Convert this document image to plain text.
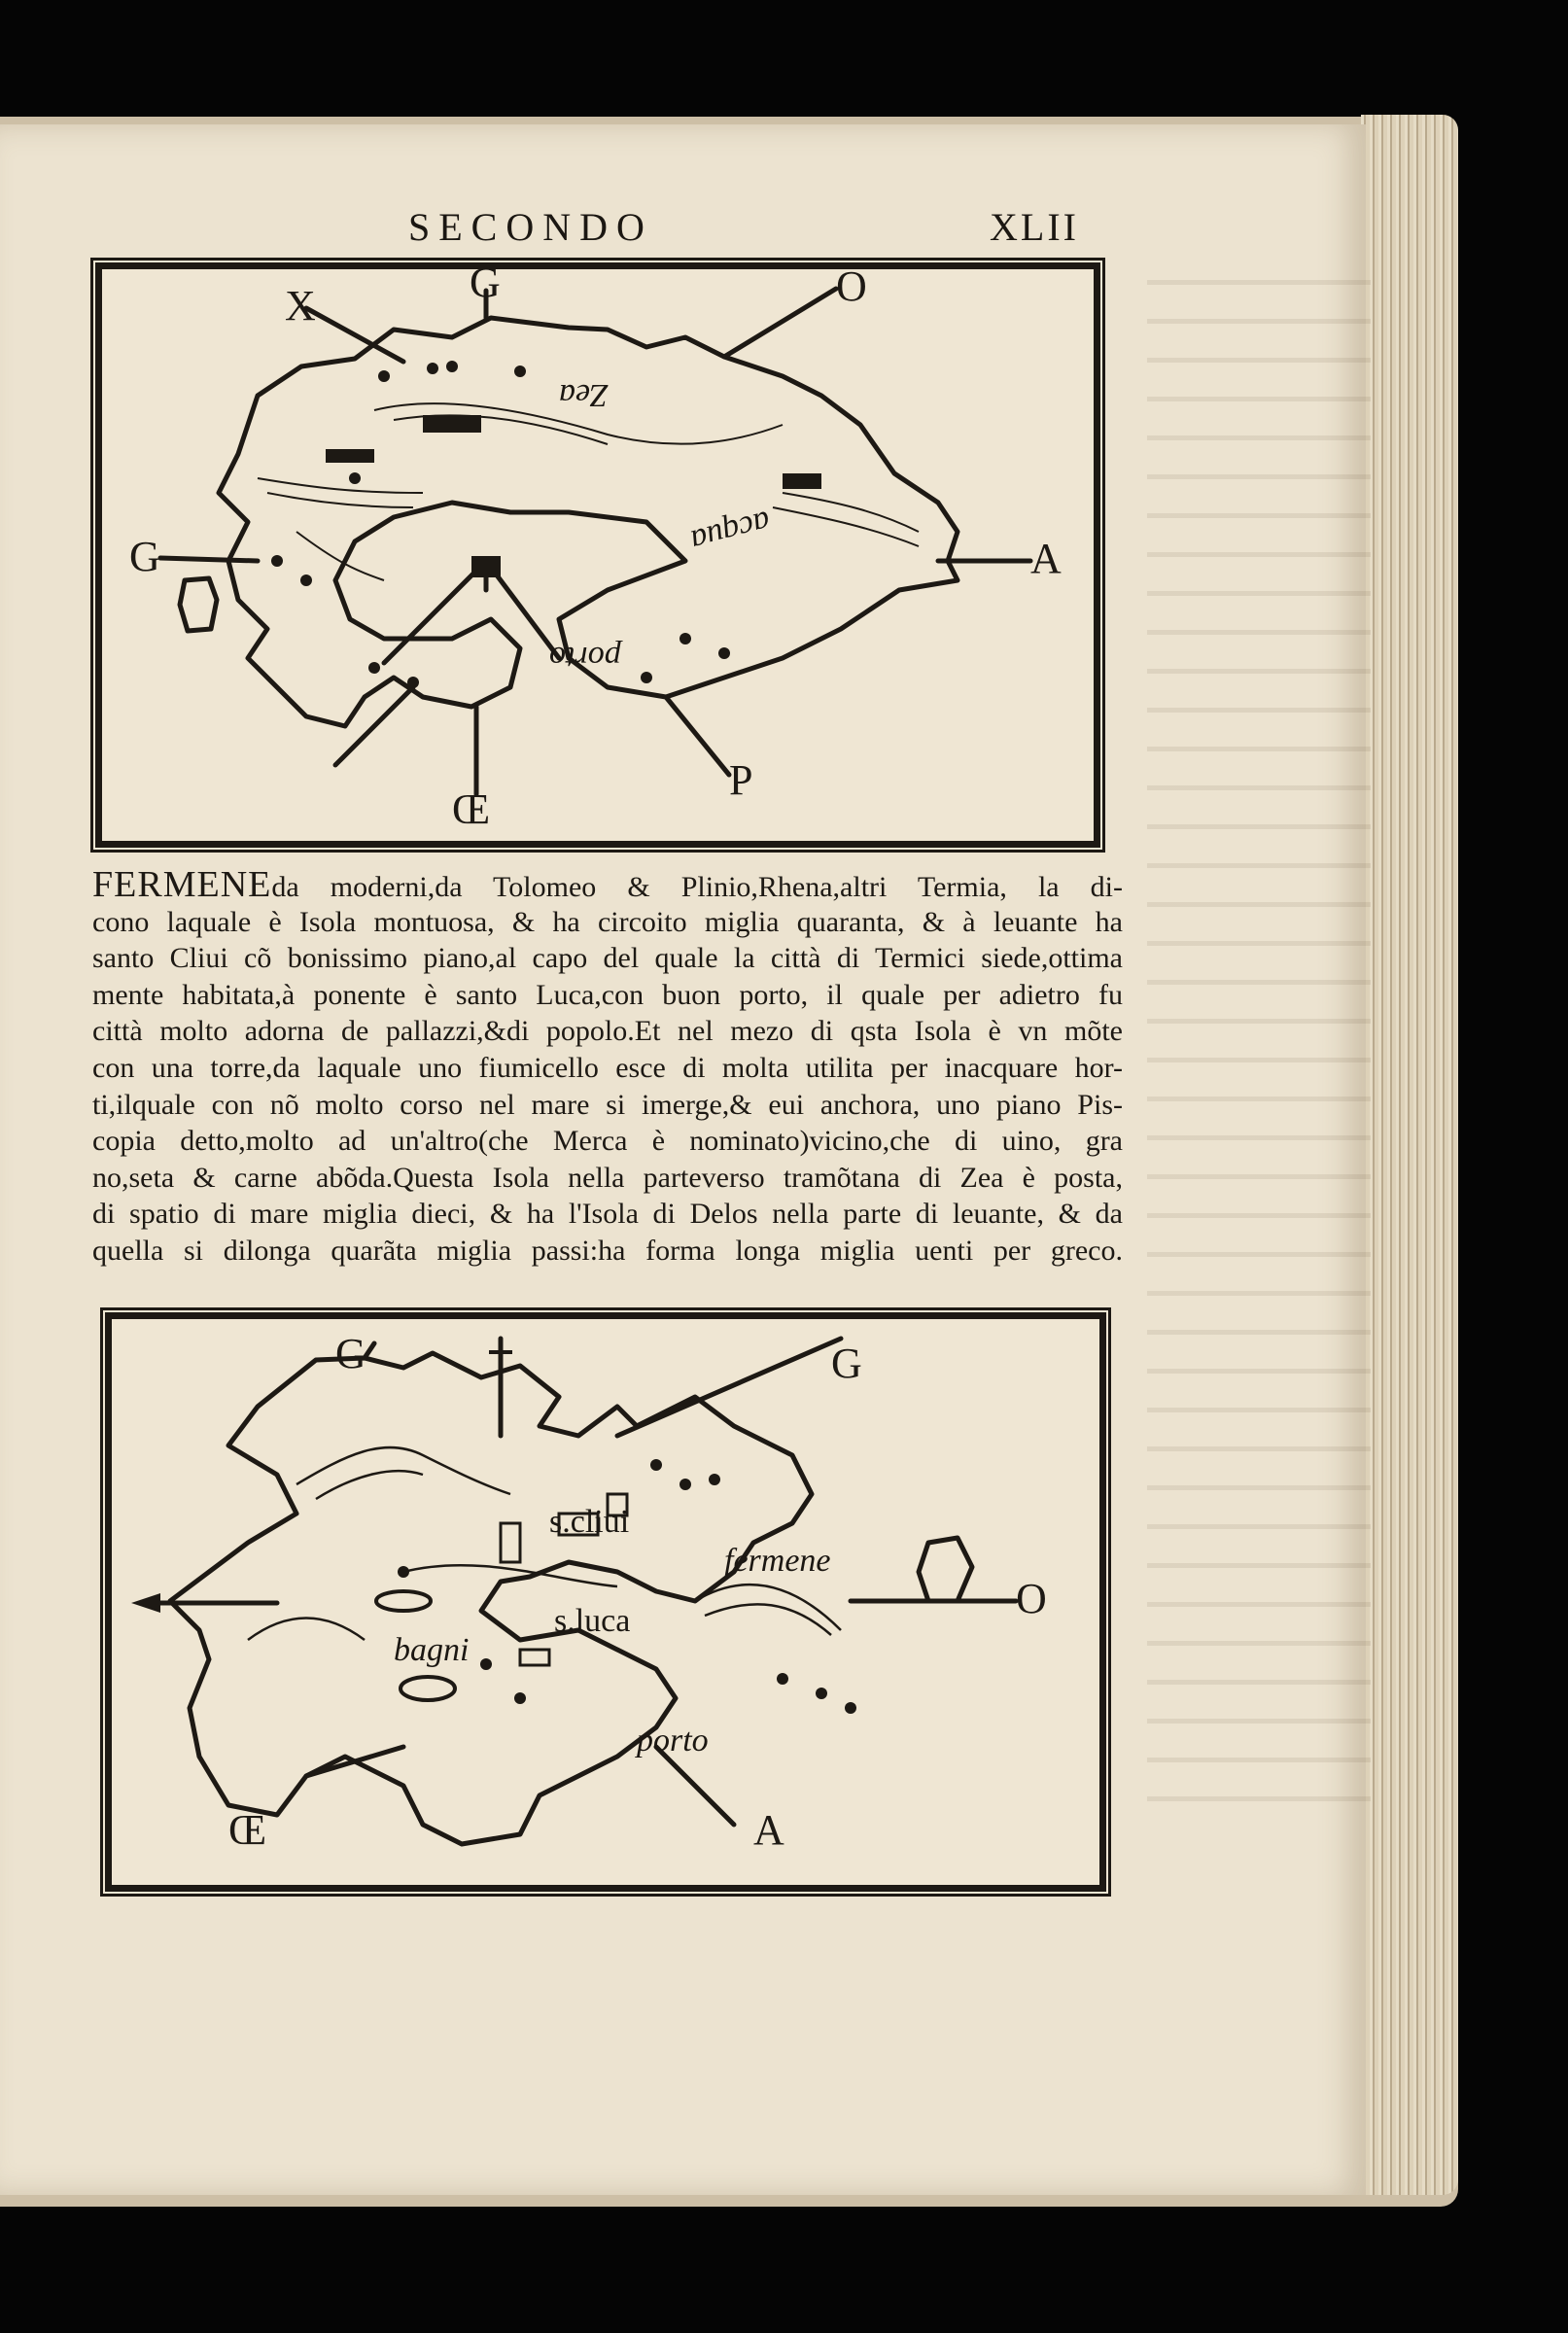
SECONDO	XLII
X	G	O
G	A
Œ
P
Zea
acqua
porto
FERMENEda moderni,da Tolomeo & Plinio,Rhena,altri Termia, la di-
cono laquale è Isola montuosa, & ha circoito miglia quaranta, & à leuante ha
santo Cliui cõ bonissimo piano,al capo del quale la città di Termici siede,ottima
mente habitata,à ponente è santo Luca,con buon porto, il quale per adietro fu
città molto adorna de pallazzi,&di popolo.Et nel mezo di qsta Isola è vn mõte
con una torre,da laquale uno fiumicello esce di molta utilita per inacquare hor-
ti,ilquale con nõ molto corso nel mare si imerge,& eui anchora, uno piano Pis-
copia detto,molto ad un'altro(che Merca è nominato)vicino,che di uino, gra
no,seta & carne abõda.Questa Isola nella parteverso tramõtana di Zea è posta,
di spatio di mare miglia dieci, & ha l'Isola di Delos nella parte di leuante, & da
quella si dilonga quarãta miglia passi:ha forma longa miglia uenti per greco.
G	G
O
Œ	A
s.cliui
fermene
s.luca
bagni
porto
